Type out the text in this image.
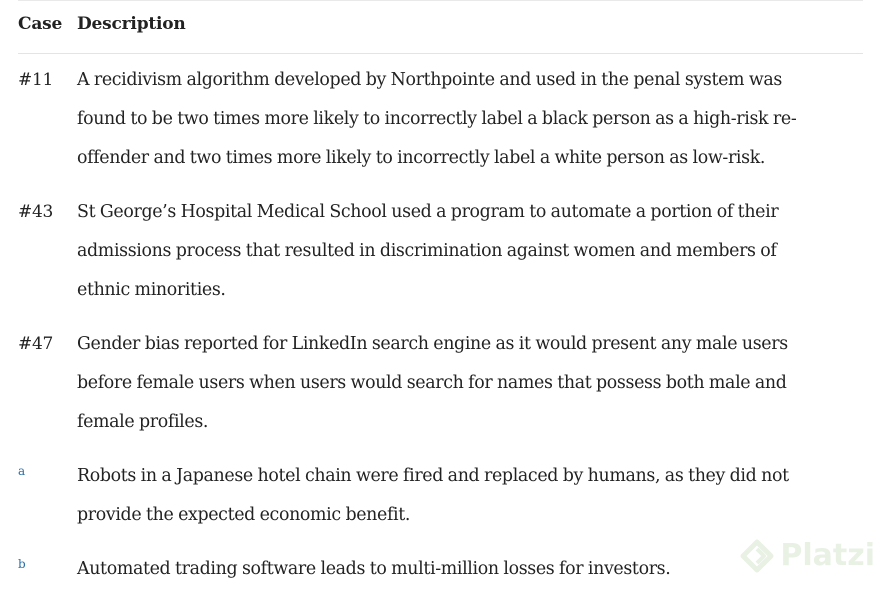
Case Description
#11 A recidivism algorithm developed by Northpointe and used in the penal system was
found to be two times more likely to incorrectly label a black person as a high-risk re-
offender and two times more likely to incorrectly label a white person as low-risk.
#43 St George’s Hospital Medical School used a program to automate a portion of their
admissions process that resulted in discrimination against women and members of
ethnic minorities.
#47 Gender bias reported for LinkedIn search engine as it would present any male users
before female users when users would search for names that possess both male and
female profiles.
a	Robots in a Japanese hotel chain were fired and replaced by humans, as they did not
provide the expected economic benefit.
b	Automated trading software leads to multi-million losses for investors.	Platzi
